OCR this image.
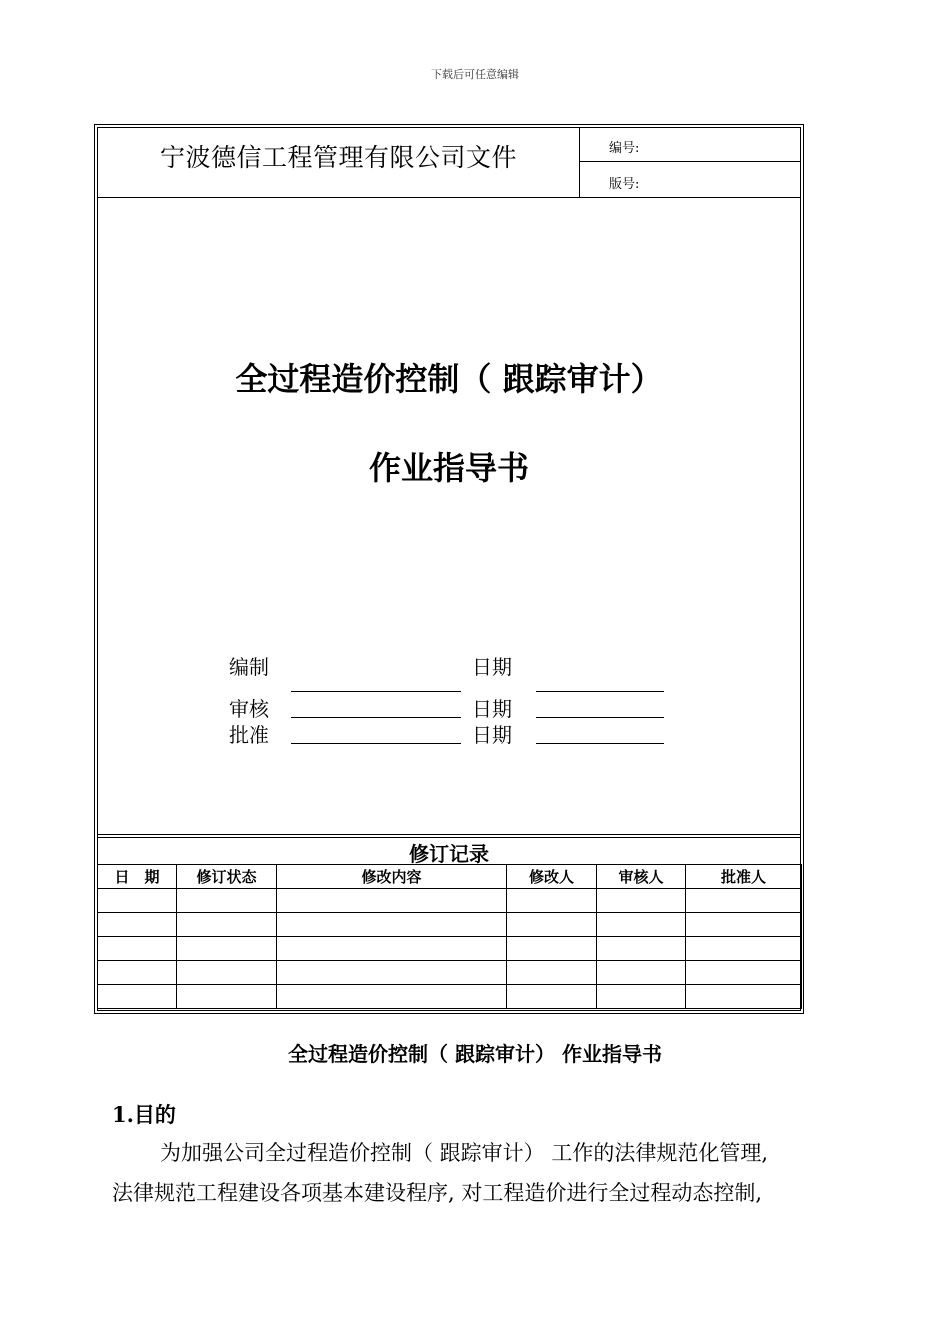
下载后可任意编辑
宁波德信工程管理有限公司文件	编号:
版号:
全过程造价控制（ 跟踪审计）
作业指导书
编制	日期
审核	日期
批准	日期
修订记录
日　期	修订状态	修改内容	修改人	审核人	批准人

全过程造价控制（ 跟踪审计） 作业指导书
1.目的
为加强公司全过程造价控制（ 跟踪审计） 工作的法律规范化管理,
法律规范工程建设各项基本建设程序, 对工程造价进行全过程动态控制,
